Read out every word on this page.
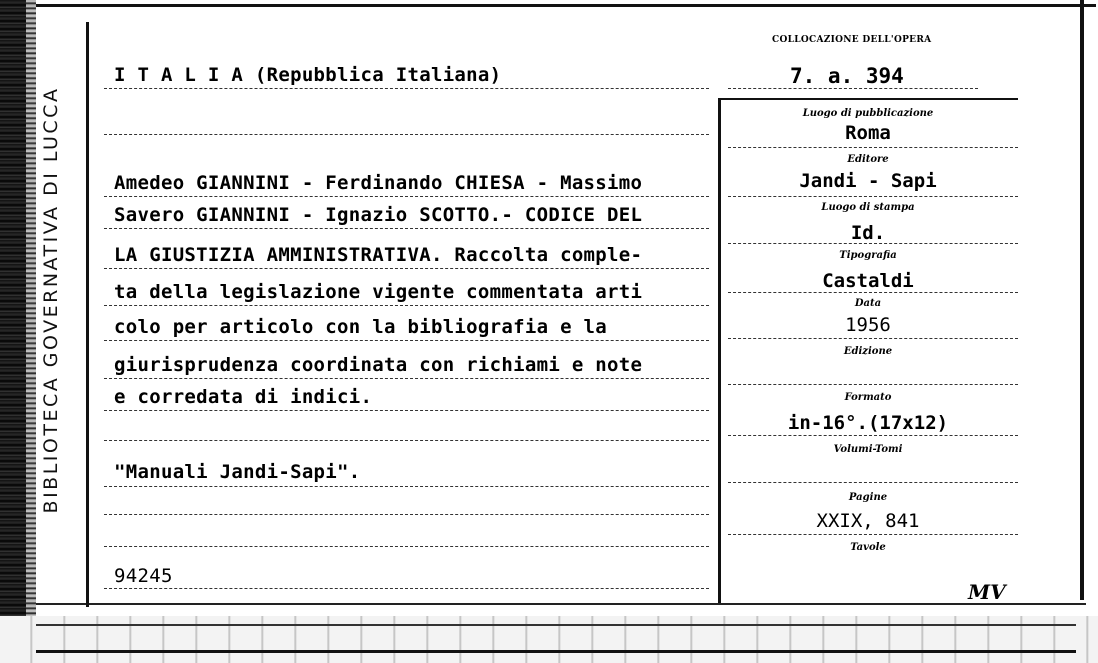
BIBLIOTECA GOVERNATIVA DI LUCCA
COLLOCAZIONE DELL'OPERA
7. a. 394
I T A L I A (Repubblica Italiana)
Amedeo GIANNINI - Ferdinando CHIESA - Massimo
Savero GIANNINI - Ignazio SCOTTO.- CODICE DEL
LA GIUSTIZIA AMMINISTRATIVA. Raccolta comple-
ta della legislazione vigente commentata arti
colo per articolo con la bibliografia e la
giurisprudenza coordinata con richiami e note
e corredata di indici.
"Manuali Jandi-Sapi".
94245
Luogo di pubblicazione
Roma
Editore
Jandi - Sapi
Luogo di stampa
Id.
Tipografia
Castaldi
Data
1956
Edizione
Formato
in-16°.(17x12)
Volumi-Tomi
Pagine
XXIX, 841
Tavole
MV
